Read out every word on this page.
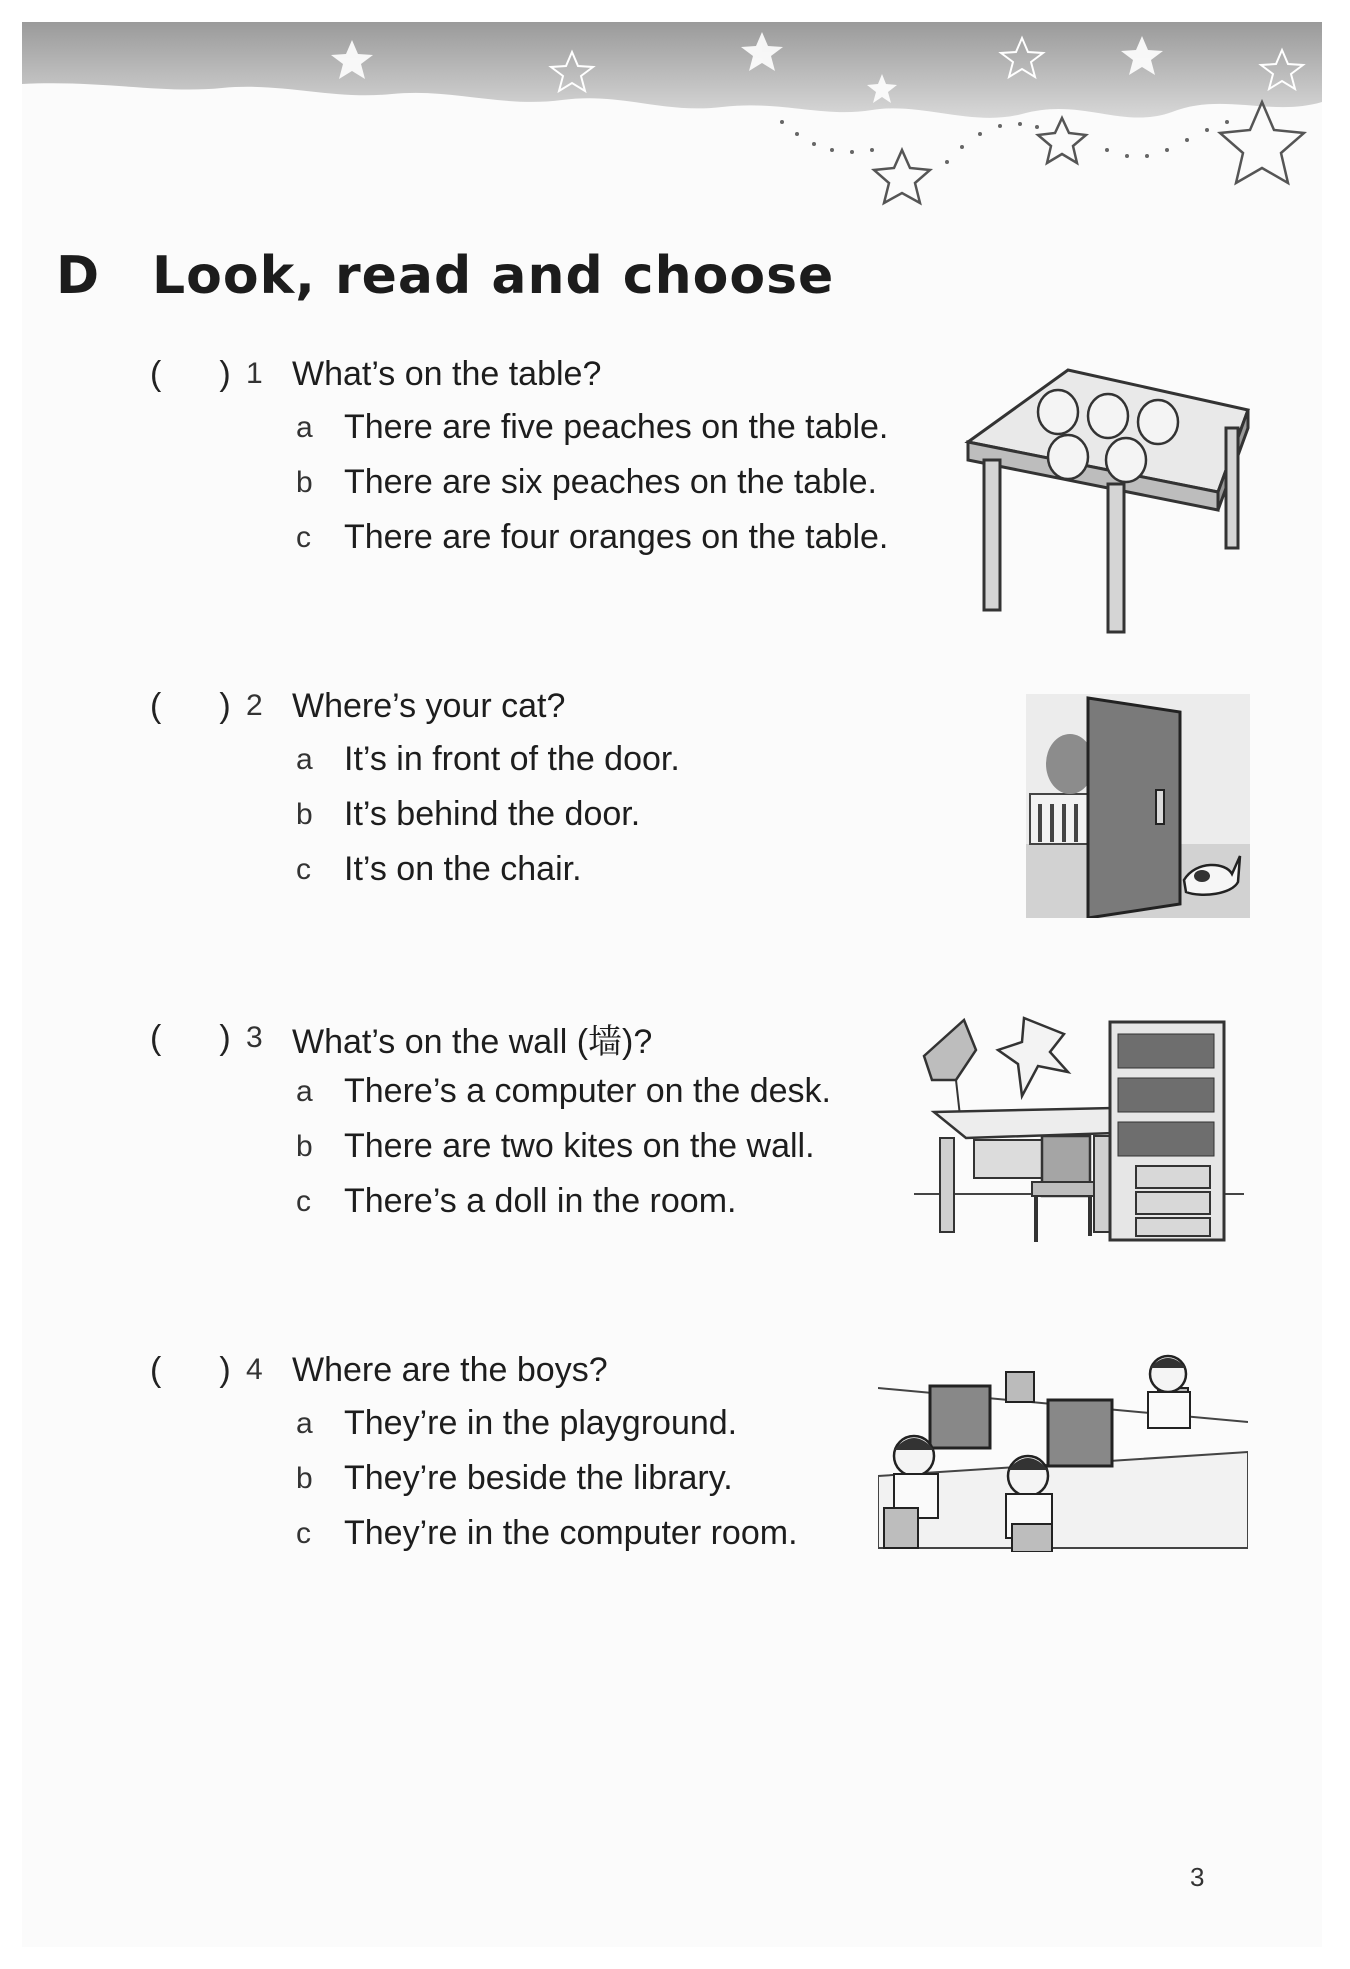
D Look, read and choose
( ) 1 What’s on the table?
a There are five peaches on the table.
b There are six peaches on the table.
c There are four oranges on the table.
( ) 2 Where’s your cat?
a It’s in front of the door.
b It’s behind the door.
c It’s on the chair.
( ) 3 What’s on the wall (墙)?
a There’s a computer on the desk.
b There are two kites on the wall.
c There’s a doll in the room.
( ) 4 Where are the boys?
a They’re in the playground.
b They’re beside the library.
c They’re in the computer room.
3
